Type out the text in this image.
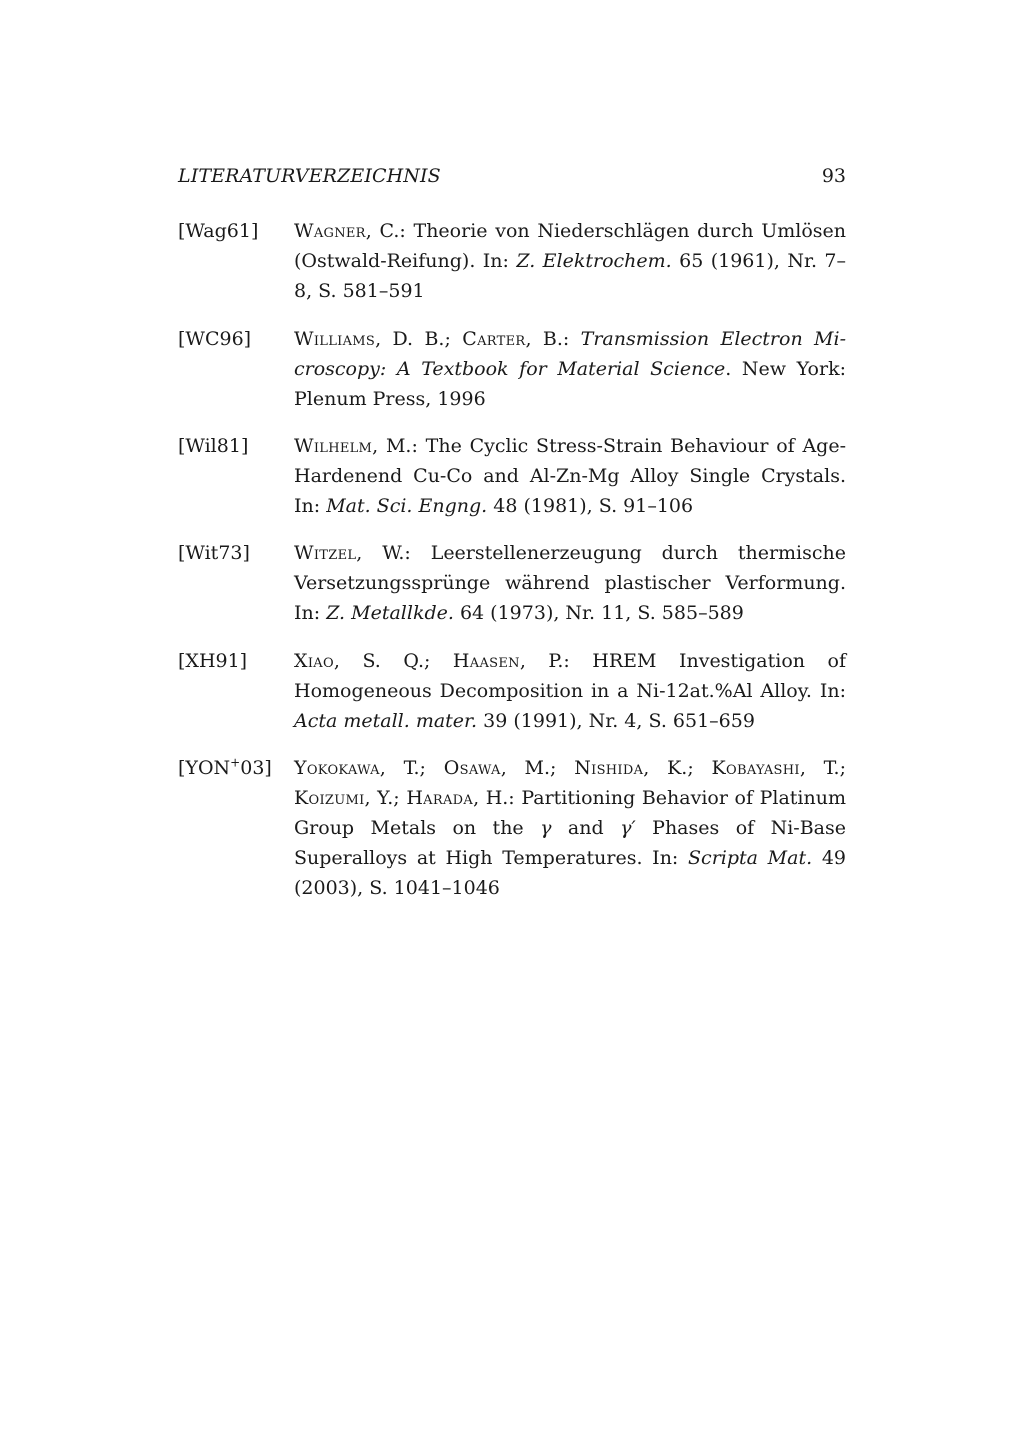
LITERATURVERZEICHNIS	93
[Wag61] Wagner, C.: Theorie von Niederschlägen durch Umlösen (Ostwald-Reifung). In: Z. Elektrochem. 65 (1961), Nr. 7–8, S. 581–591
[WC96] Williams, D. B.; Carter, B.: Transmission Electron Microscopy: A Textbook for Material Science. New York: Plenum Press, 1996
[Wil81] Wilhelm, M.: The Cyclic Stress-Strain Behaviour of Age-Hardenend Cu-Co and Al-Zn-Mg Alloy Single Crystals. In: Mat. Sci. Engng. 48 (1981), S. 91–106
[Wit73] Witzel, W.: Leerstellenerzeugung durch thermische Versetzungssprünge während plastischer Verformung. In: Z. Metallkde. 64 (1973), Nr. 11, S. 585–589
[XH91] Xiao, S. Q.; Haasen, P.: HREM Investigation of Homogeneous Decomposition in a Ni-12at.%Al Alloy. In: Acta metall. mater. 39 (1991), Nr. 4, S. 651–659
[YON+03] Yokokawa, T.; Osawa, M.; Nishida, K.; Kobayashi, T.; Koizumi, Y.; Harada, H.: Partitioning Behavior of Platinum Group Metals on the γ and γ′ Phases of Ni-Base Superalloys at High Temperatures. In: Scripta Mat. 49 (2003), S. 1041–1046
